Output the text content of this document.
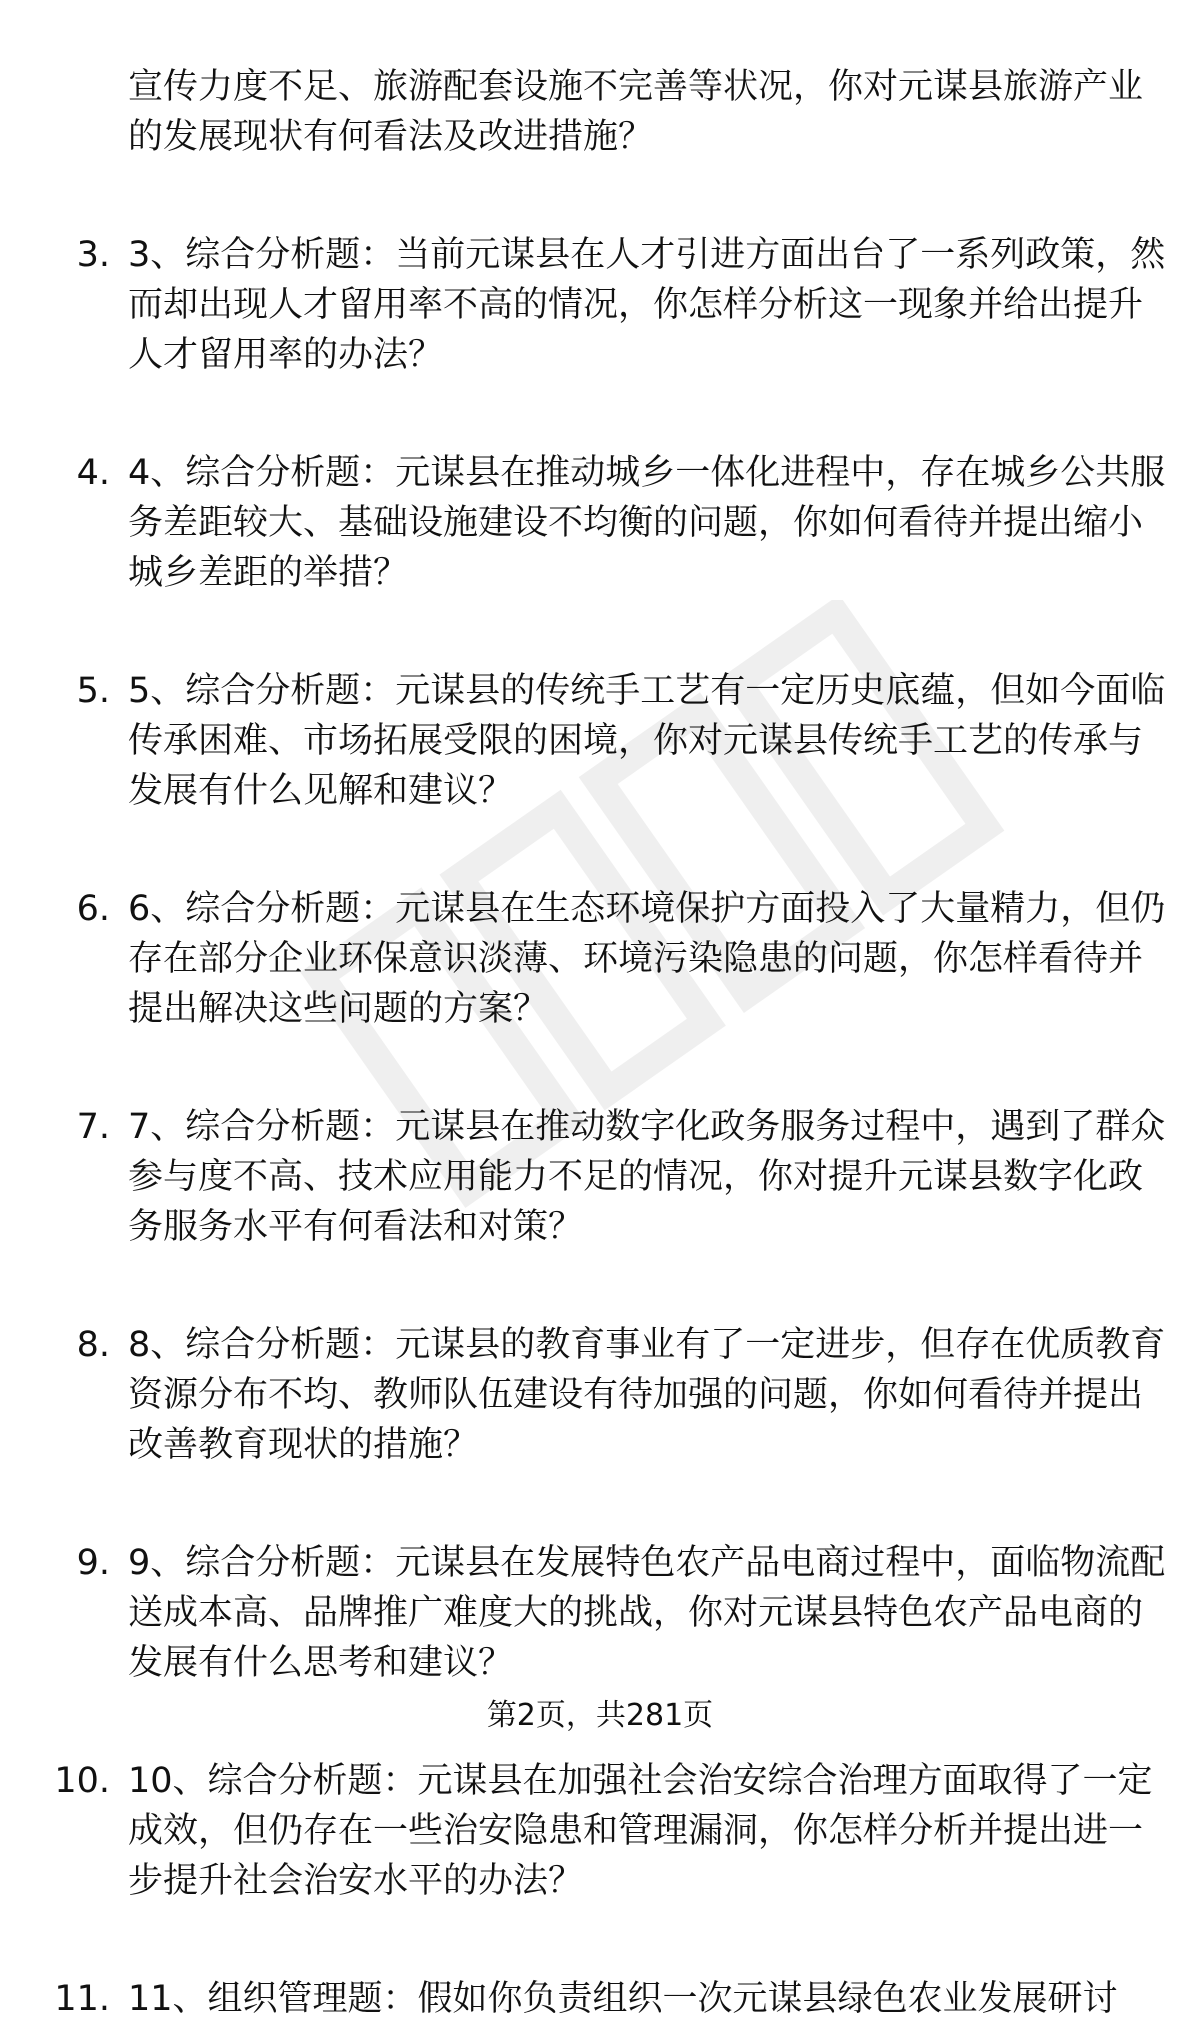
宣传力度不足、旅游配套设施不完善等状况，你对元谋县旅游产业的发展现状有何看法及改进措施？
3. 3、综合分析题：当前元谋县在人才引进方面出台了一系列政策，然而却出现人才留用率不高的情况，你怎样分析这一现象并给出提升人才留用率的办法？
4. 4、综合分析题：元谋县在推动城乡一体化进程中，存在城乡公共服务差距较大、基础设施建设不均衡的问题，你如何看待并提出缩小城乡差距的举措？
5. 5、综合分析题：元谋县的传统手工艺有一定历史底蕴，但如今面临传承困难、市场拓展受限的困境，你对元谋县传统手工艺的传承与发展有什么见解和建议？
6. 6、综合分析题：元谋县在生态环境保护方面投入了大量精力，但仍存在部分企业环保意识淡薄、环境污染隐患的问题，你怎样看待并提出解决这些问题的方案？
7. 7、综合分析题：元谋县在推动数字化政务服务过程中，遇到了群众参与度不高、技术应用能力不足的情况，你对提升元谋县数字化政务服务水平有何看法和对策？
8. 8、综合分析题：元谋县的教育事业有了一定进步，但存在优质教育资源分布不均、教师队伍建设有待加强的问题，你如何看待并提出改善教育现状的措施？
9. 9、综合分析题：元谋县在发展特色农产品电商过程中，面临物流配送成本高、品牌推广难度大的挑战，你对元谋县特色农产品电商的发展有什么思考和建议？
10. 10、综合分析题：元谋县在加强社会治安综合治理方面取得了一定成效，但仍存在一些治安隐患和管理漏洞，你怎样分析并提出进一步提升社会治安水平的办法？
11. 11、组织管理题：假如你负责组织一次元谋县绿色农业发展研讨
第2页，共281页
